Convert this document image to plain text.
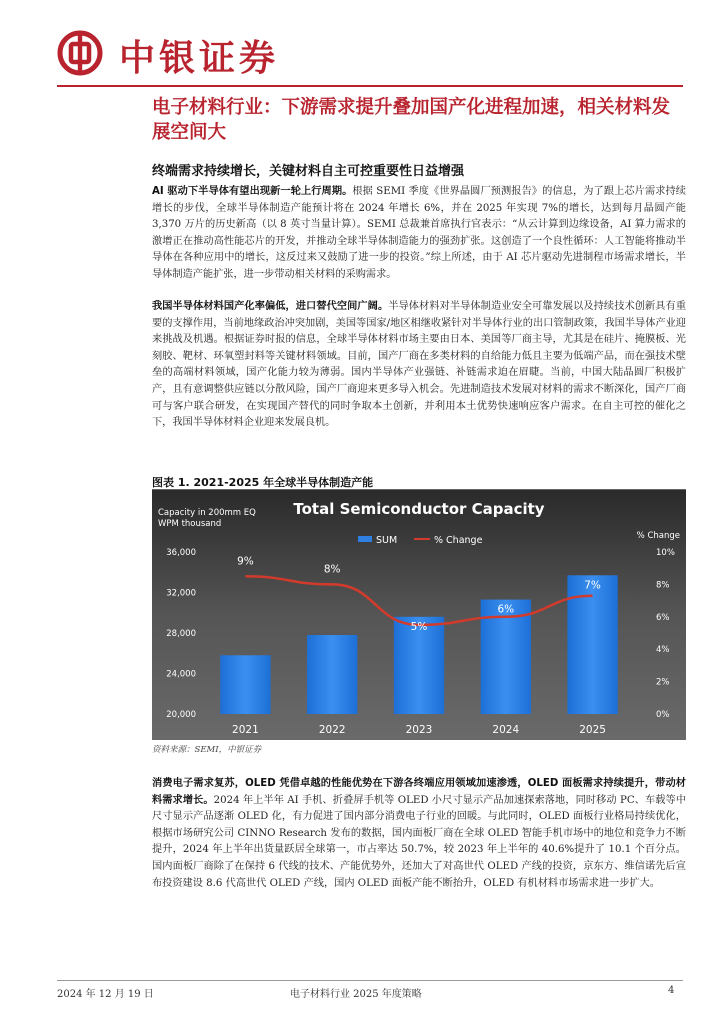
中银证券
电子材料行业：下游需求提升叠加国产化进程加速，相关材料发展空间大
终端需求持续增长，关键材料自主可控重要性日益增强
AI 驱动下半导体有望出现新一轮上行周期。根据 SEMI 季度《世界晶圆厂预测报告》的信息，为了跟上芯片需求持续增长的步伐，全球半导体制造产能预计将在 2024 年增长 6%，并在 2025 年实现 7%的增长，达到每月晶圆产能 3,370 万片的历史新高（以 8 英寸当量计算）。SEMI 总裁兼首席执行官表示：“从云计算到边缘设备，AI 算力需求的激增正在推动高性能芯片的开发，并推动全球半导体制造能力的强劲扩张。这创造了一个良性循环：人工智能将推动半导体在各种应用中的增长，这反过来又鼓励了进一步的投资。”综上所述，由于 AI 芯片驱动先进制程市场需求增长，半导体制造产能扩张，进一步带动相关材料的采购需求。
我国半导体材料国产化率偏低，进口替代空间广阔。半导体材料对半导体制造业安全可靠发展以及持续技术创新具有重要的支撑作用，当前地缘政治冲突加剧，美国等国家/地区相继收紧针对半导体行业的出口管制政策，我国半导体产业迎来挑战及机遇。根据证券时报的信息，全球半导体材料市场主要由日本、美国等厂商主导，尤其是在硅片、掩膜板、光刻胶、靶材、环氧塑封料等关键材料领域。目前，国产厂商在多类材料的自给能力低且主要为低端产品，而在强技术壁垒的高端材料领域，国产化能力较为薄弱。国内半导体产业强链、补链需求迫在眉睫。当前，中国大陆晶圆厂积极扩产，且有意调整供应链以分散风险，国产厂商迎来更多导入机会。先进制造技术发展对材料的需求不断深化，国产厂商可与客户联合研发，在实现国产替代的同时争取本土创新，并利用本土优势快速响应客户需求。在自主可控的催化之下，我国半导体材料企业迎来发展良机。
图表 1. 2021-2025 年全球半导体制造产能
Total Semiconductor Capacity
Capacity in 200mm EQ WPM thousand
% Change
SUM	% Change
20,000
24,000
28,000
32,000
36,000
0%
2%
4%
6%
8%
10%
2021	2022	2023	2024	2025
9%
8%
5%
6%
7%
资料来源：SEMI，中银证券
消费电子需求复苏，OLED 凭借卓越的性能优势在下游各终端应用领域加速渗透，OLED 面板需求持续提升，带动材料需求增长。2024 年上半年 AI 手机、折叠屏手机等 OLED 小尺寸显示产品加速探索落地，同时移动 PC、车载等中尺寸显示产品逐渐 OLED 化，有力促进了国内部分消费电子行业的回暖。与此同时，OLED 面板行业格局持续优化，根据市场研究公司 CINNO Research 发布的数据，国内面板厂商在全球 OLED 智能手机市场中的地位和竞争力不断提升，2024 年上半年出货量跃居全球第一，市占率达 50.7%，较 2023 年上半年的 40.6%提升了 10.1 个百分点。国内面板厂商除了在保持 6 代线的技术、产能优势外，还加大了对高世代 OLED 产线的投资，京东方、维信诺先后宣布投资建设 8.6 代高世代 OLED 产线，国内 OLED 面板产能不断抬升，OLED 有机材料市场需求进一步扩大。
2024 年 12 月 19 日	电子材料行业 2025 年度策略	4
